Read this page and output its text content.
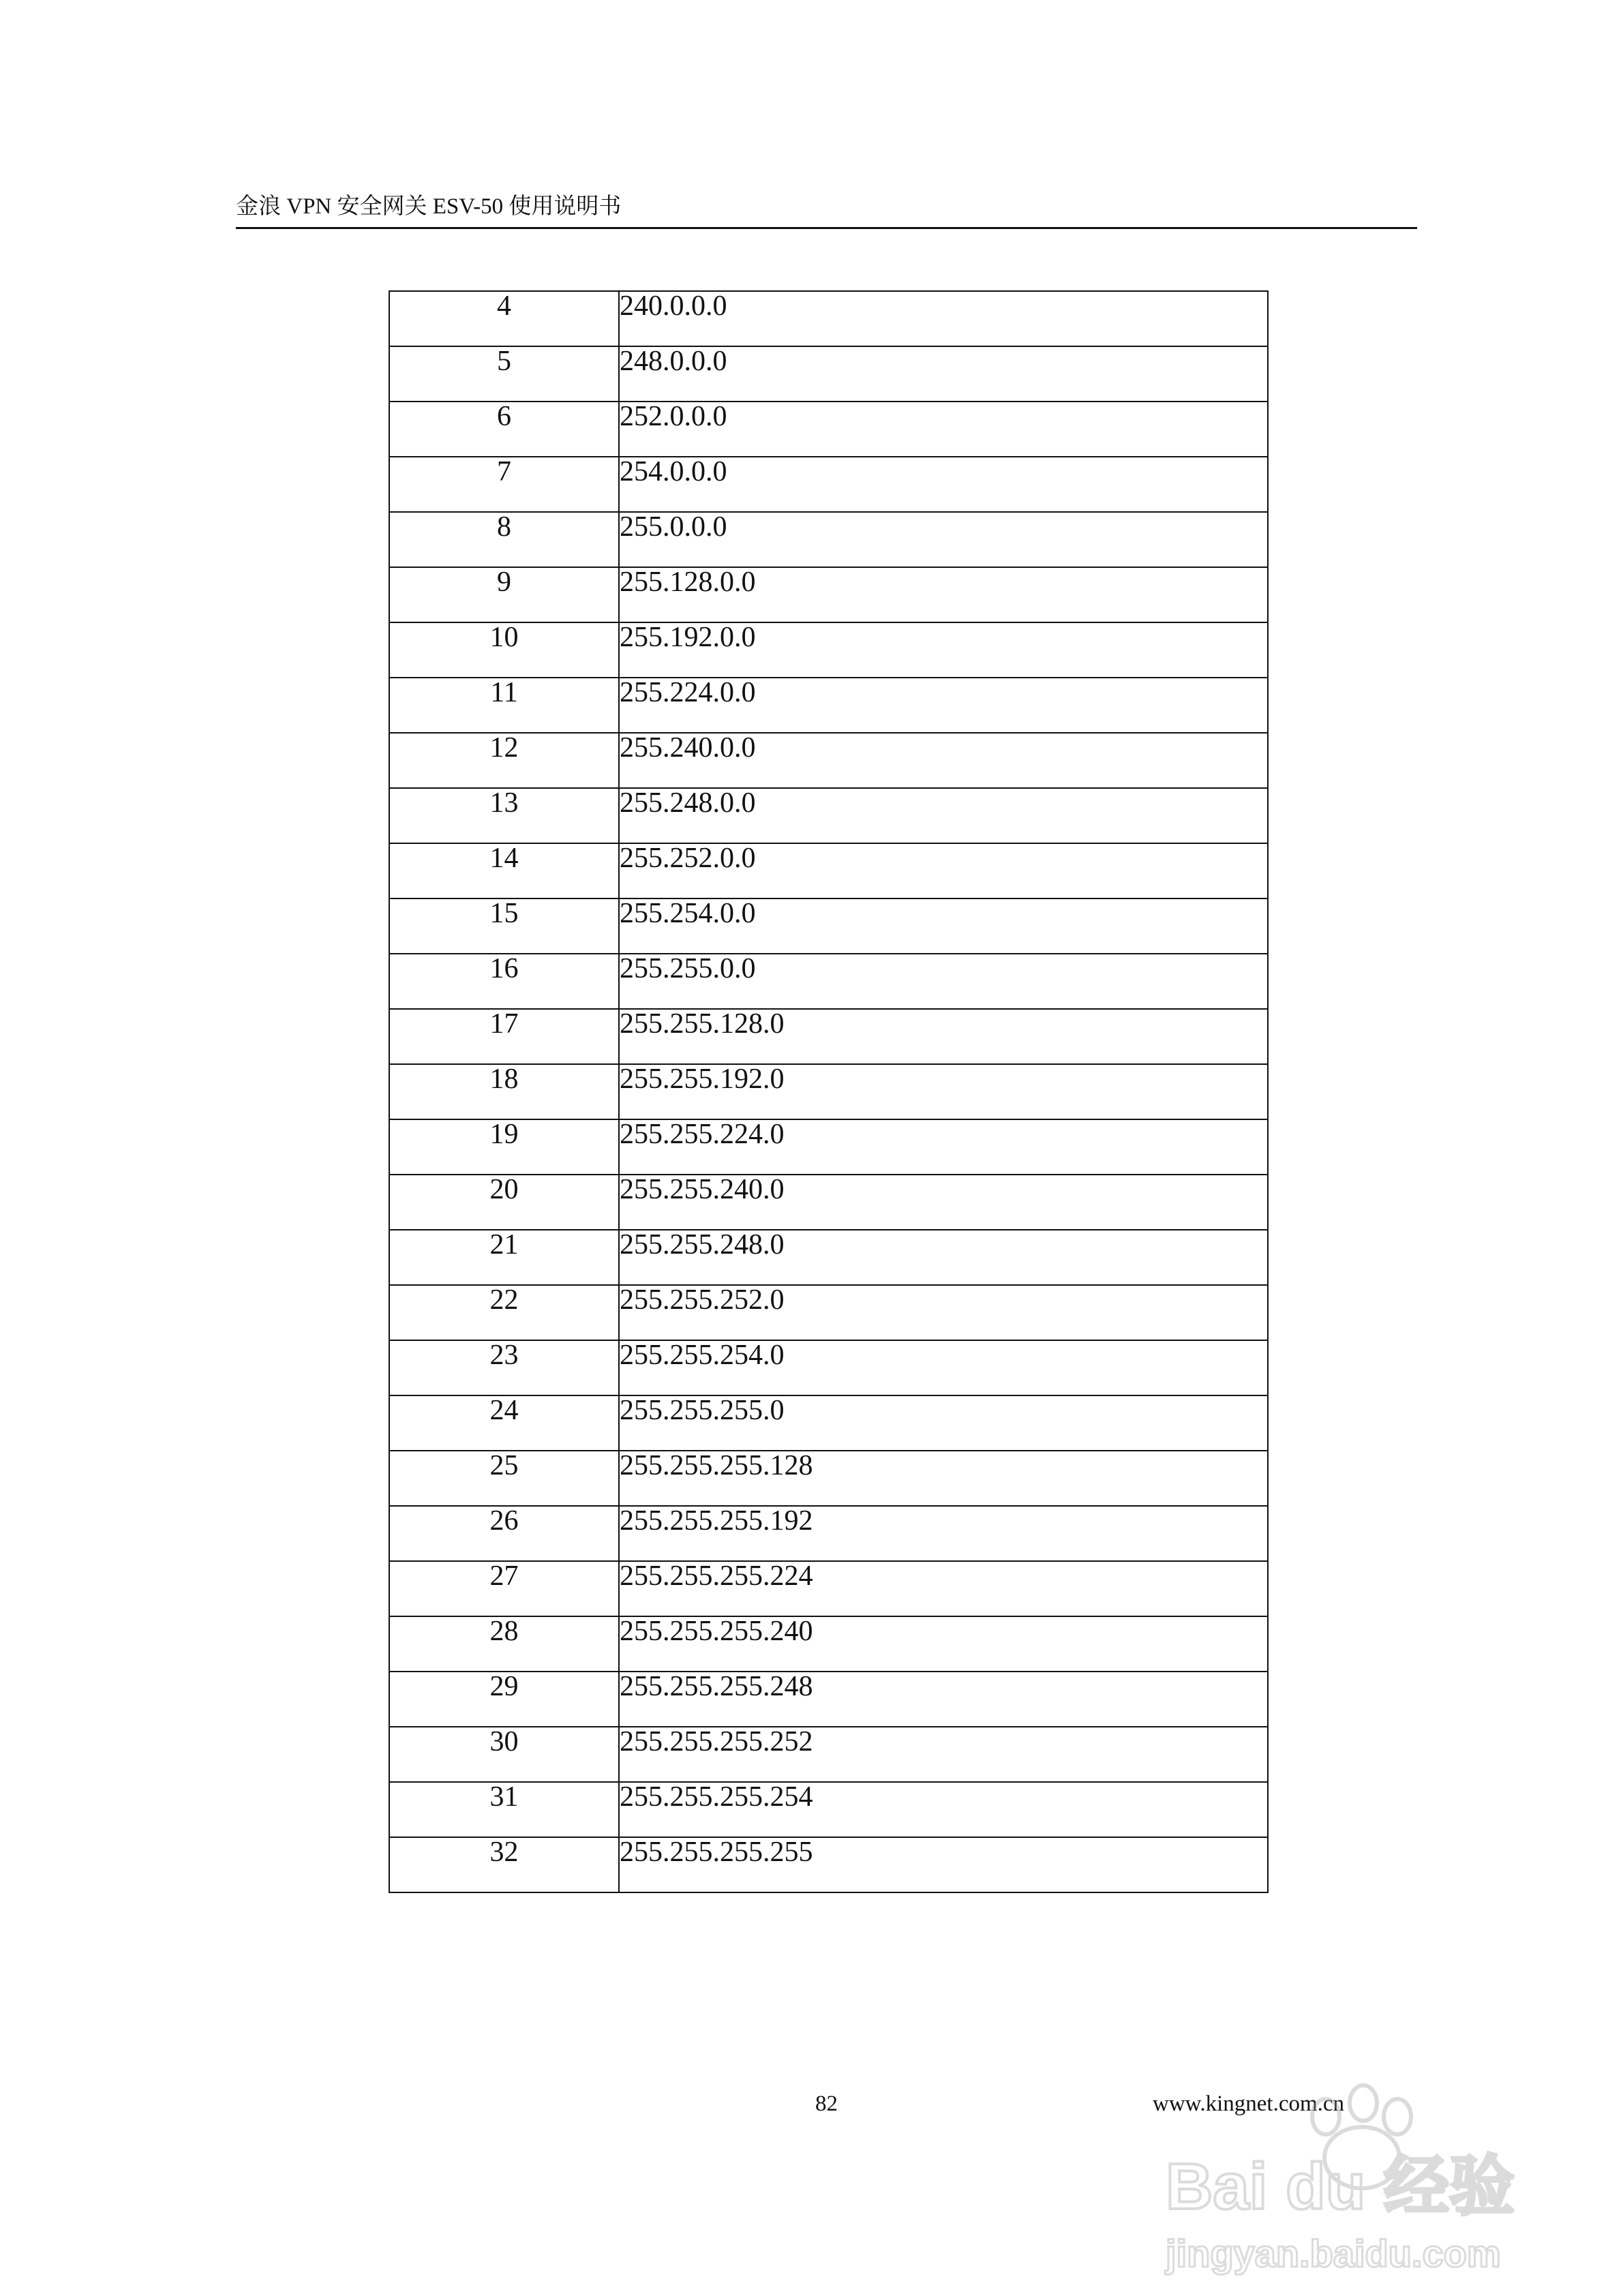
金浪 VPN 安全网关 ESV-50 使用说明书
4	240.0.0.0
5	248.0.0.0
6	252.0.0.0
7	254.0.0.0
8	255.0.0.0
9	255.128.0.0
10	255.192.0.0
11	255.224.0.0
12	255.240.0.0
13	255.248.0.0
14	255.252.0.0
15	255.254.0.0
16	255.255.0.0
17	255.255.128.0
18	255.255.192.0
19	255.255.224.0
20	255.255.240.0
21	255.255.248.0
22	255.255.252.0
23	255.255.254.0
24	255.255.255.0
25	255.255.255.128
26	255.255.255.192
27	255.255.255.224
28	255.255.255.240
29	255.255.255.248
30	255.255.255.252
31	255.255.255.254
32	255.255.255.255
82	www.kingnet.com.cn
Bai du 经验
jingyan.baidu.com
